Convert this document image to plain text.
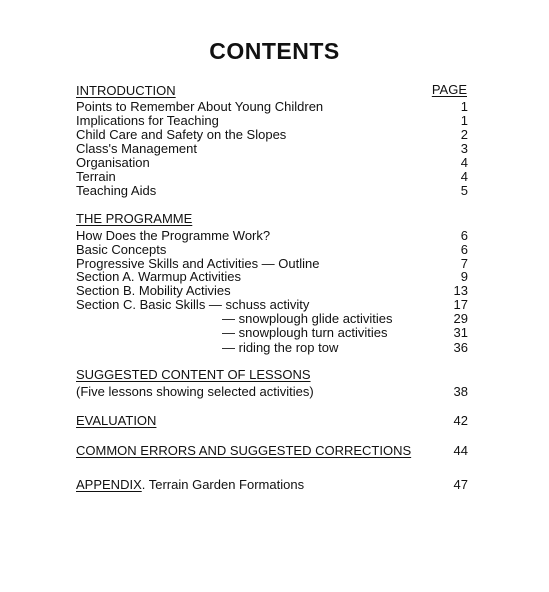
CONTENTS
PAGE
INTRODUCTION
Points to Remember About Young Children	1
Implications for Teaching	1
Child Care and Safety on the Slopes	2
Class's Management	3
Organisation	4
Terrain	4
Teaching Aids	5
THE PROGRAMME
How Does the Programme Work?	6
Basic Concepts	6
Progressive Skills and Activities — Outline	7
Section A. Warmup Activities	9
Section B. Mobility Activies	13
Section C. Basic Skills — schuss activity	17
— snowplough glide activities	29
— snowplough turn activities	31
— riding the rop tow	36
SUGGESTED CONTENT OF LESSONS
(Five lessons showing selected activities)	38
EVALUATION	42
COMMON ERRORS AND SUGGESTED CORRECTIONS	44
APPENDIX. Terrain Garden Formations	47
